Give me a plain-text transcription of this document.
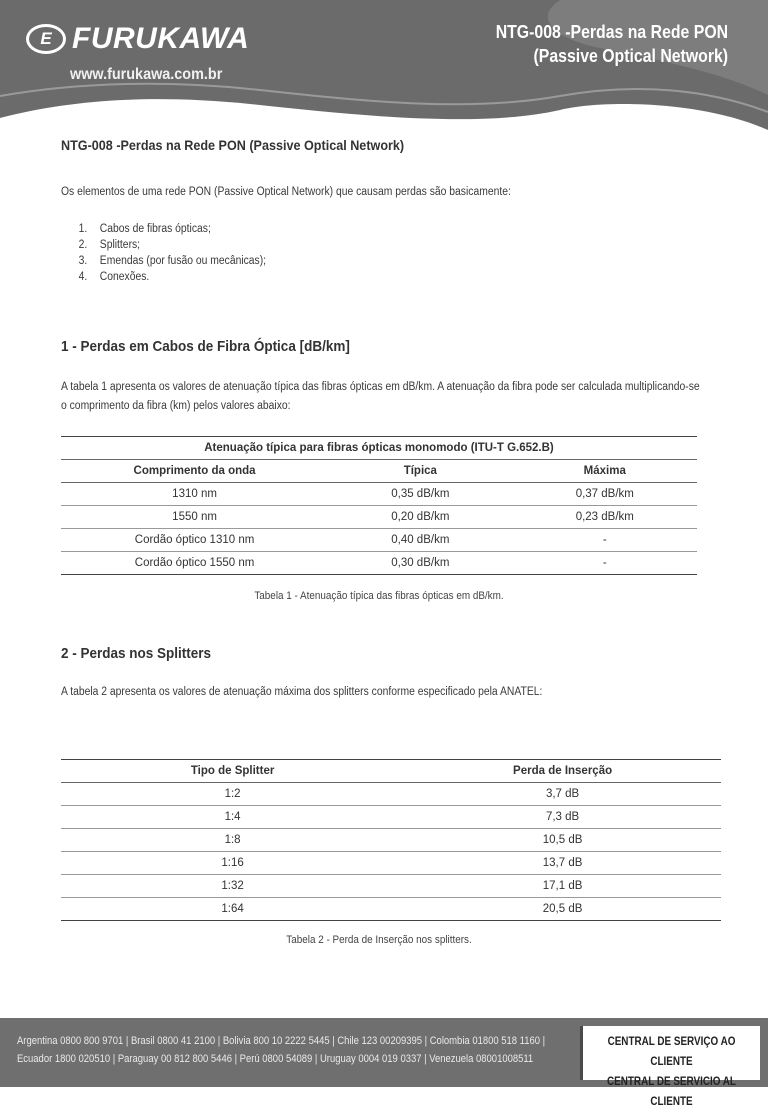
E FURUKAWA
www.furukawa.com.br
NTG-008 -Perdas na Rede PON
(Passive Optical Network)
NTG-008 -Perdas na Rede PON (Passive Optical Network)
Os elementos de uma rede PON (Passive Optical Network) que causam perdas são basicamente:
1. Cabos de fibras ópticas;
2. Splitters;
3. Emendas (por fusão ou mecânicas);
4. Conexões.
1 - Perdas em Cabos de Fibra Óptica [dB/km]
A tabela 1 apresenta os valores de atenuação típica das fibras ópticas em dB/km. A atenuação da fibra pode ser calculada multiplicando-se o comprimento da fibra (km) pelos valores abaixo:
Atenuação típica para fibras ópticas monomodo (ITU-T G.652.B)		
Comprimento da onda	Típica	Máxima
1310 nm	0,35 dB/km	0,37 dB/km
1550 nm	0,20 dB/km	0,23 dB/km
Cordão óptico 1310 nm	0,40 dB/km	-
Cordão óptico 1550 nm	0,30 dB/km	-
Tabela 1 - Atenuação típica das fibras ópticas em dB/km.
2 - Perdas nos Splitters
A tabela 2 apresenta os valores de atenuação máxima dos splitters conforme especificado pela ANATEL:
Tipo de Splitter	Perda de Inserção
1:2	3,7 dB
1:4	7,3 dB
1:8	10,5 dB
1:16	13,7 dB
1:32	17,1 dB
1:64	20,5 dB
Tabela 2 - Perda de Inserção nos splitters.
Argentina 0800 800 9701 | Brasil 0800 41 2100 | Bolivia 800 10 2222 5445 | Chile 123 00209395 | Colombia 01800 518 1160 |
Ecuador 1800 020510 | Paraguay 00 812 800 5446 | Perú 0800 54089 | Uruguay 0004 019 0337 | Venezuela 08001008511
CENTRAL DE SERVIÇO AO CLIENTE
CENTRAL DE SERVICIO AL CLIENTE
